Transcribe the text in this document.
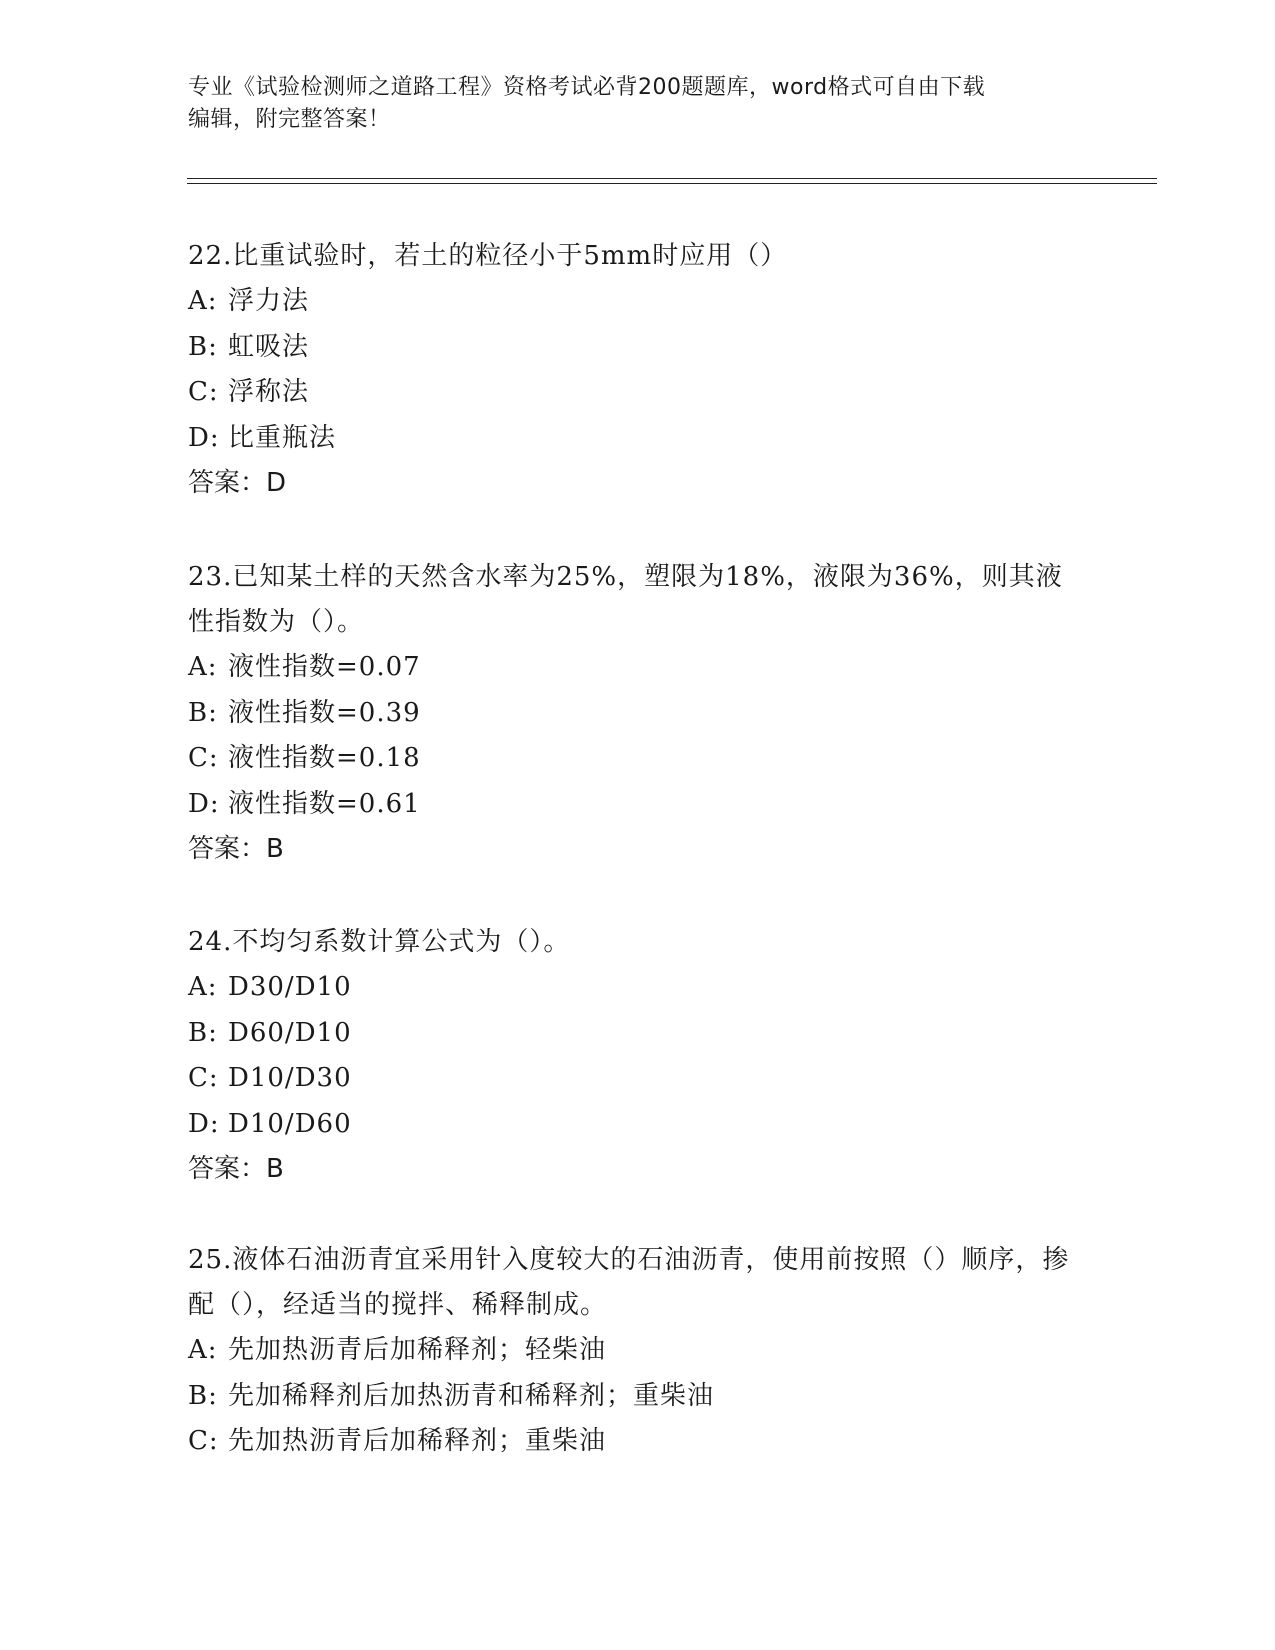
专业《试验检测师之道路工程》资格考试必背200题题库，word格式可自由下载
编辑，附完整答案！

22.比重试验时，若土的粒径小于5mm时应用（）

A: 浮力法

B: 虹吸法

C: 浮称法

D: 比重瓶法

答案：D

23.已知某土样的天然含水率为25%，塑限为18%，液限为36%，则其液性指数为（）。

A: 液性指数=0.07

B: 液性指数=0.39

C: 液性指数=0.18

D: 液性指数=0.61

答案：B

24.不均匀系数计算公式为（）。

A: D30/D10

B: D60/D10

C: D10/D30

D: D10/D60

答案：B

25.液体石油沥青宜采用针入度较大的石油沥青，使用前按照（）顺序，掺配（），经适当的搅拌、稀释制成。

A: 先加热沥青后加稀释剂；轻柴油

B: 先加稀释剂后加热沥青和稀释剂；重柴油

C: 先加热沥青后加稀释剂；重柴油
